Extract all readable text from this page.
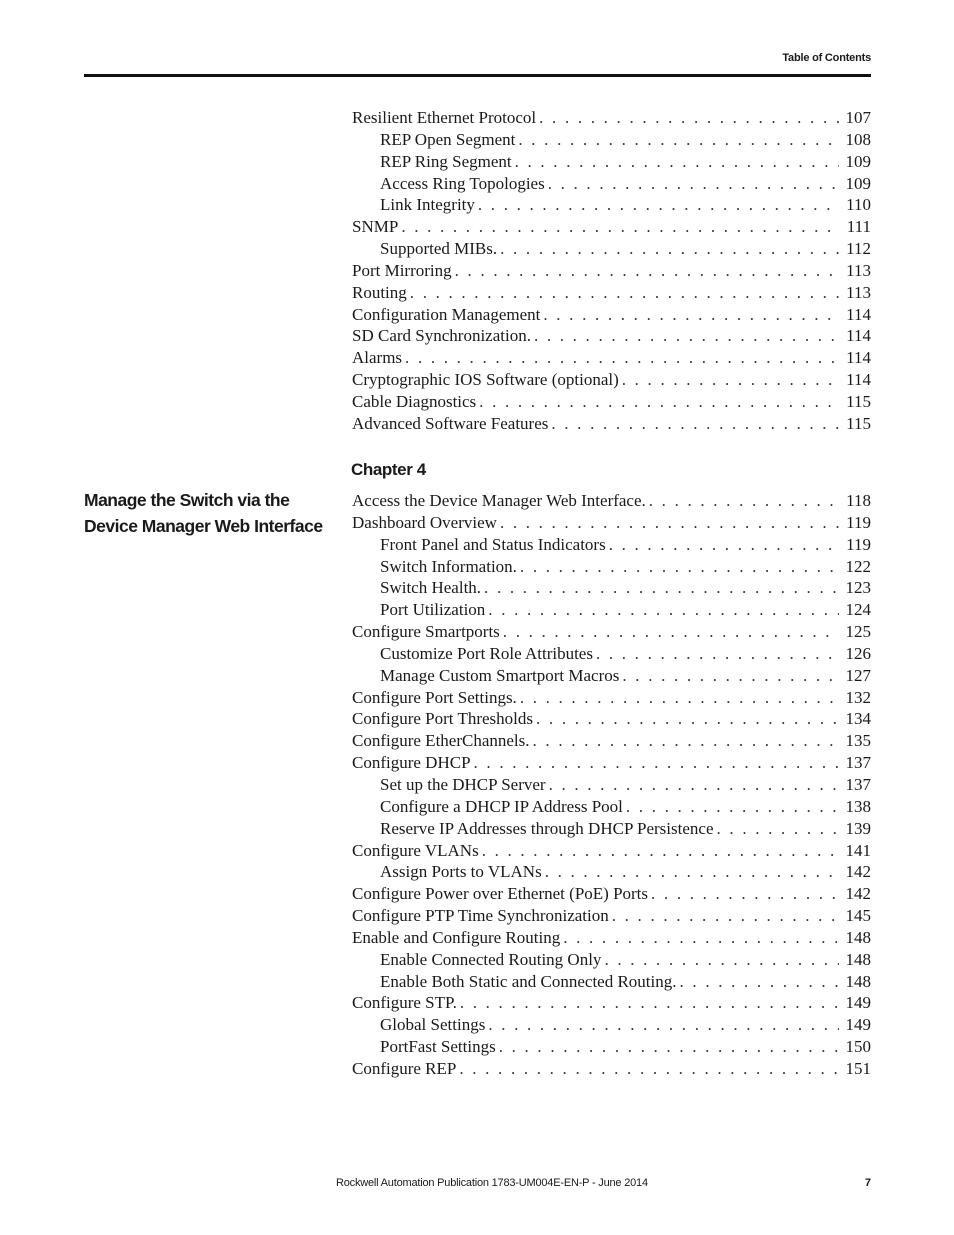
Table of Contents
Resilient Ethernet Protocol . . .	107
REP Open Segment . . .	108
REP Ring Segment . . .	109
Access Ring Topologies . . .	109
Link Integrity . . .	110
SNMP . . .	111
Supported MIBs. . . .	112
Port Mirroring . . .	113
Routing . . .	113
Configuration Management . . .	114
SD Card Synchronization. . . .	114
Alarms . . .	114
Cryptographic IOS Software (optional) . . .	114
Cable Diagnostics . . .	115
Advanced Software Features . . .	115
Chapter 4
Manage the Switch via the
Device Manager Web Interface
Access the Device Manager Web Interface. . . .	118
Dashboard Overview . . .	119
Front Panel and Status Indicators . . .	119
Switch Information. . . .	122
Switch Health. . . .	123
Port Utilization . . .	124
Configure Smartports . . .	125
Customize Port Role Attributes . . .	126
Manage Custom Smartport Macros . . .	127
Configure Port Settings. . . .	132
Configure Port Thresholds . . .	134
Configure EtherChannels. . . .	135
Configure DHCP . . .	137
Set up the DHCP Server . . .	137
Configure a DHCP IP Address Pool . . .	138
Reserve IP Addresses through DHCP Persistence . . .	139
Configure VLANs . . .	141
Assign Ports to VLANs . . .	142
Configure Power over Ethernet (PoE) Ports . . .	142
Configure PTP Time Synchronization . . .	145
Enable and Configure Routing . . .	148
Enable Connected Routing Only . . .	148
Enable Both Static and Connected Routing. . . .	148
Configure STP. . . .	149
Global Settings . . .	149
PortFast Settings . . .	150
Configure REP . . .	151
Rockwell Automation Publication 1783-UM004E-EN-P - June 2014	7
